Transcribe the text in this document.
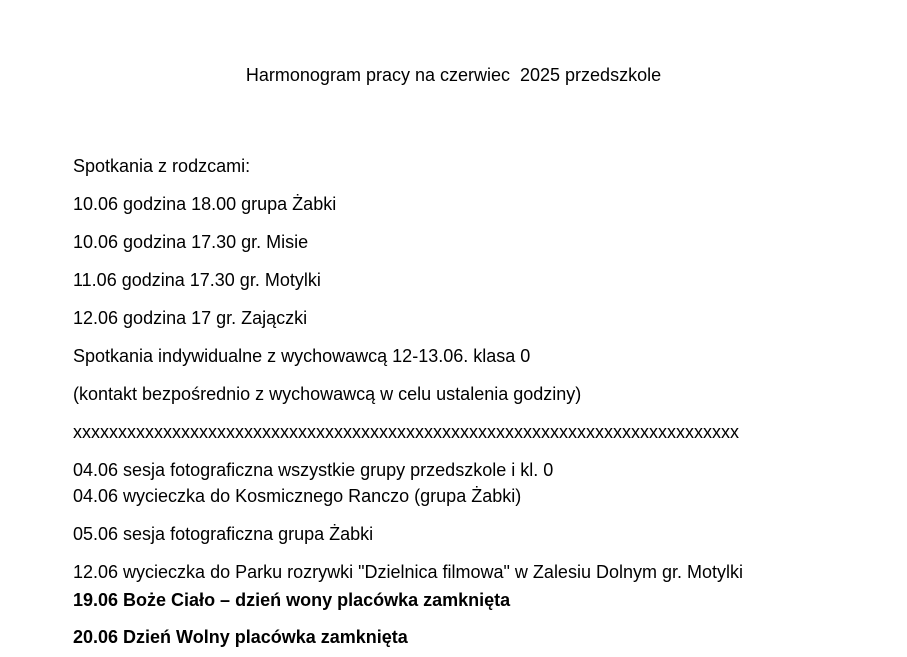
Harmonogram pracy na czerwiec  2025 przedszkole
Spotkania z rodzcami:
10.06 godzina 18.00 grupa Żabki
10.06 godzina 17.30 gr. Misie
11.06 godzina 17.30 gr. Motylki
12.06 godzina 17 gr. Zajączki
Spotkania indywidualne z wychowawcą 12-13.06. klasa 0
(kontakt bezpośrednio z wychowawcą w celu ustalenia godziny)
xxxxxxxxxxxxxxxxxxxxxxxxxxxxxxxxxxxxxxxxxxxxxxxxxxxxxxxxxxxxxxxxxxxxxxxxxx
04.06 sesja fotograficzna wszystkie grupy przedszkole i kl. 0
04.06 wycieczka do Kosmicznego Ranczo (grupa Żabki)
05.06 sesja fotograficzna grupa Żabki
12.06 wycieczka do Parku rozrywki "Dzielnica filmowa" w Zalesiu Dolnym gr. Motylki
19.06 Boże Ciało – dzień wony placówka zamknięta
20.06 Dzień Wolny placówka zamknięta
